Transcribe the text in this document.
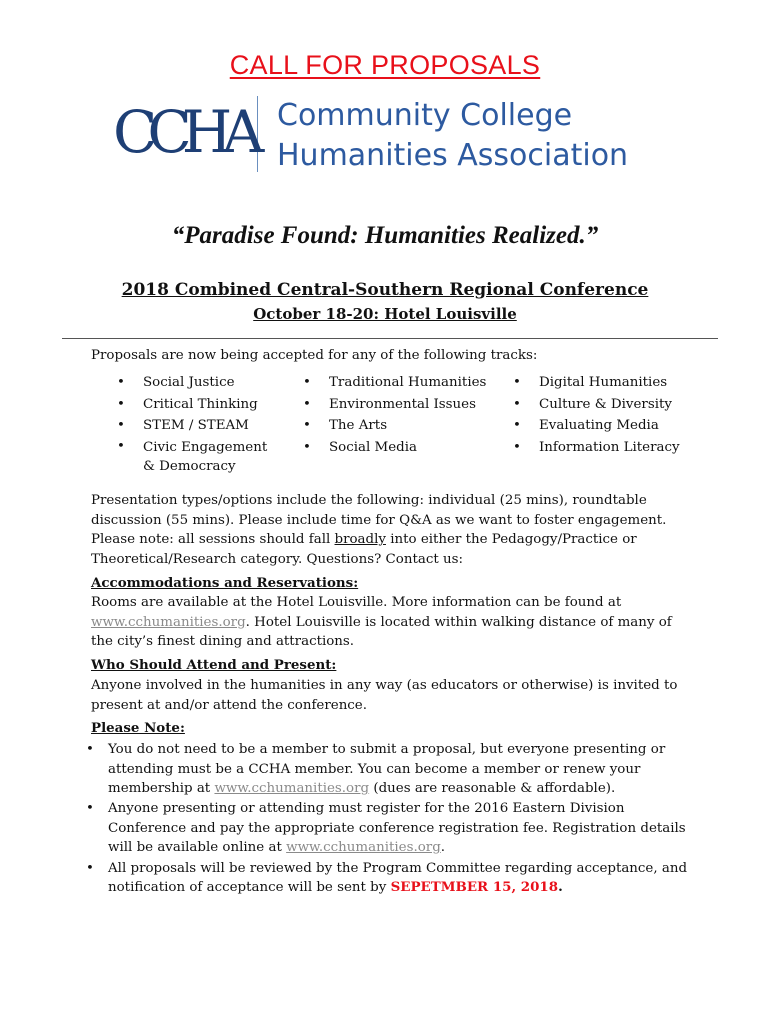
CALL FOR PROPOSALS
CCHA Community College
Humanities Association
“Paradise Found: Humanities Realized.”
2018 Combined Central-Southern Regional Conference
October 18-20: Hotel Louisville
Proposals are now being accepted for any of the following tracks:
• Social Justice
• Critical Thinking
• STEM / STEAM
• Civic Engagement & Democracy
• Traditional Humanities
• Environmental Issues
• The Arts
• Social Media
• Digital Humanities
• Culture & Diversity
• Evaluating Media
• Information Literacy
Presentation types/options include the following: individual (25 mins), roundtable discussion (55 mins). Please include time for Q&A as we want to foster engagement. Please note: all sessions should fall broadly into either the Pedagogy/Practice or Theoretical/Research category. Questions? Contact us:
Accommodations and Reservations:
Rooms are available at the Hotel Louisville. More information can be found at www.cchumanities.org. Hotel Louisville is located within walking distance of many of the city’s finest dining and attractions.
Who Should Attend and Present:
Anyone involved in the humanities in any way (as educators or otherwise) is invited to present at and/or attend the conference.
Please Note:
• You do not need to be a member to submit a proposal, but everyone presenting or attending must be a CCHA member. You can become a member or renew your membership at www.cchumanities.org (dues are reasonable & affordable).
• Anyone presenting or attending must register for the 2016 Eastern Division Conference and pay the appropriate conference registration fee. Registration details will be available online at www.cchumanities.org.
• All proposals will be reviewed by the Program Committee regarding acceptance, and notification of acceptance will be sent by SEPETMBER 15, 2018.
